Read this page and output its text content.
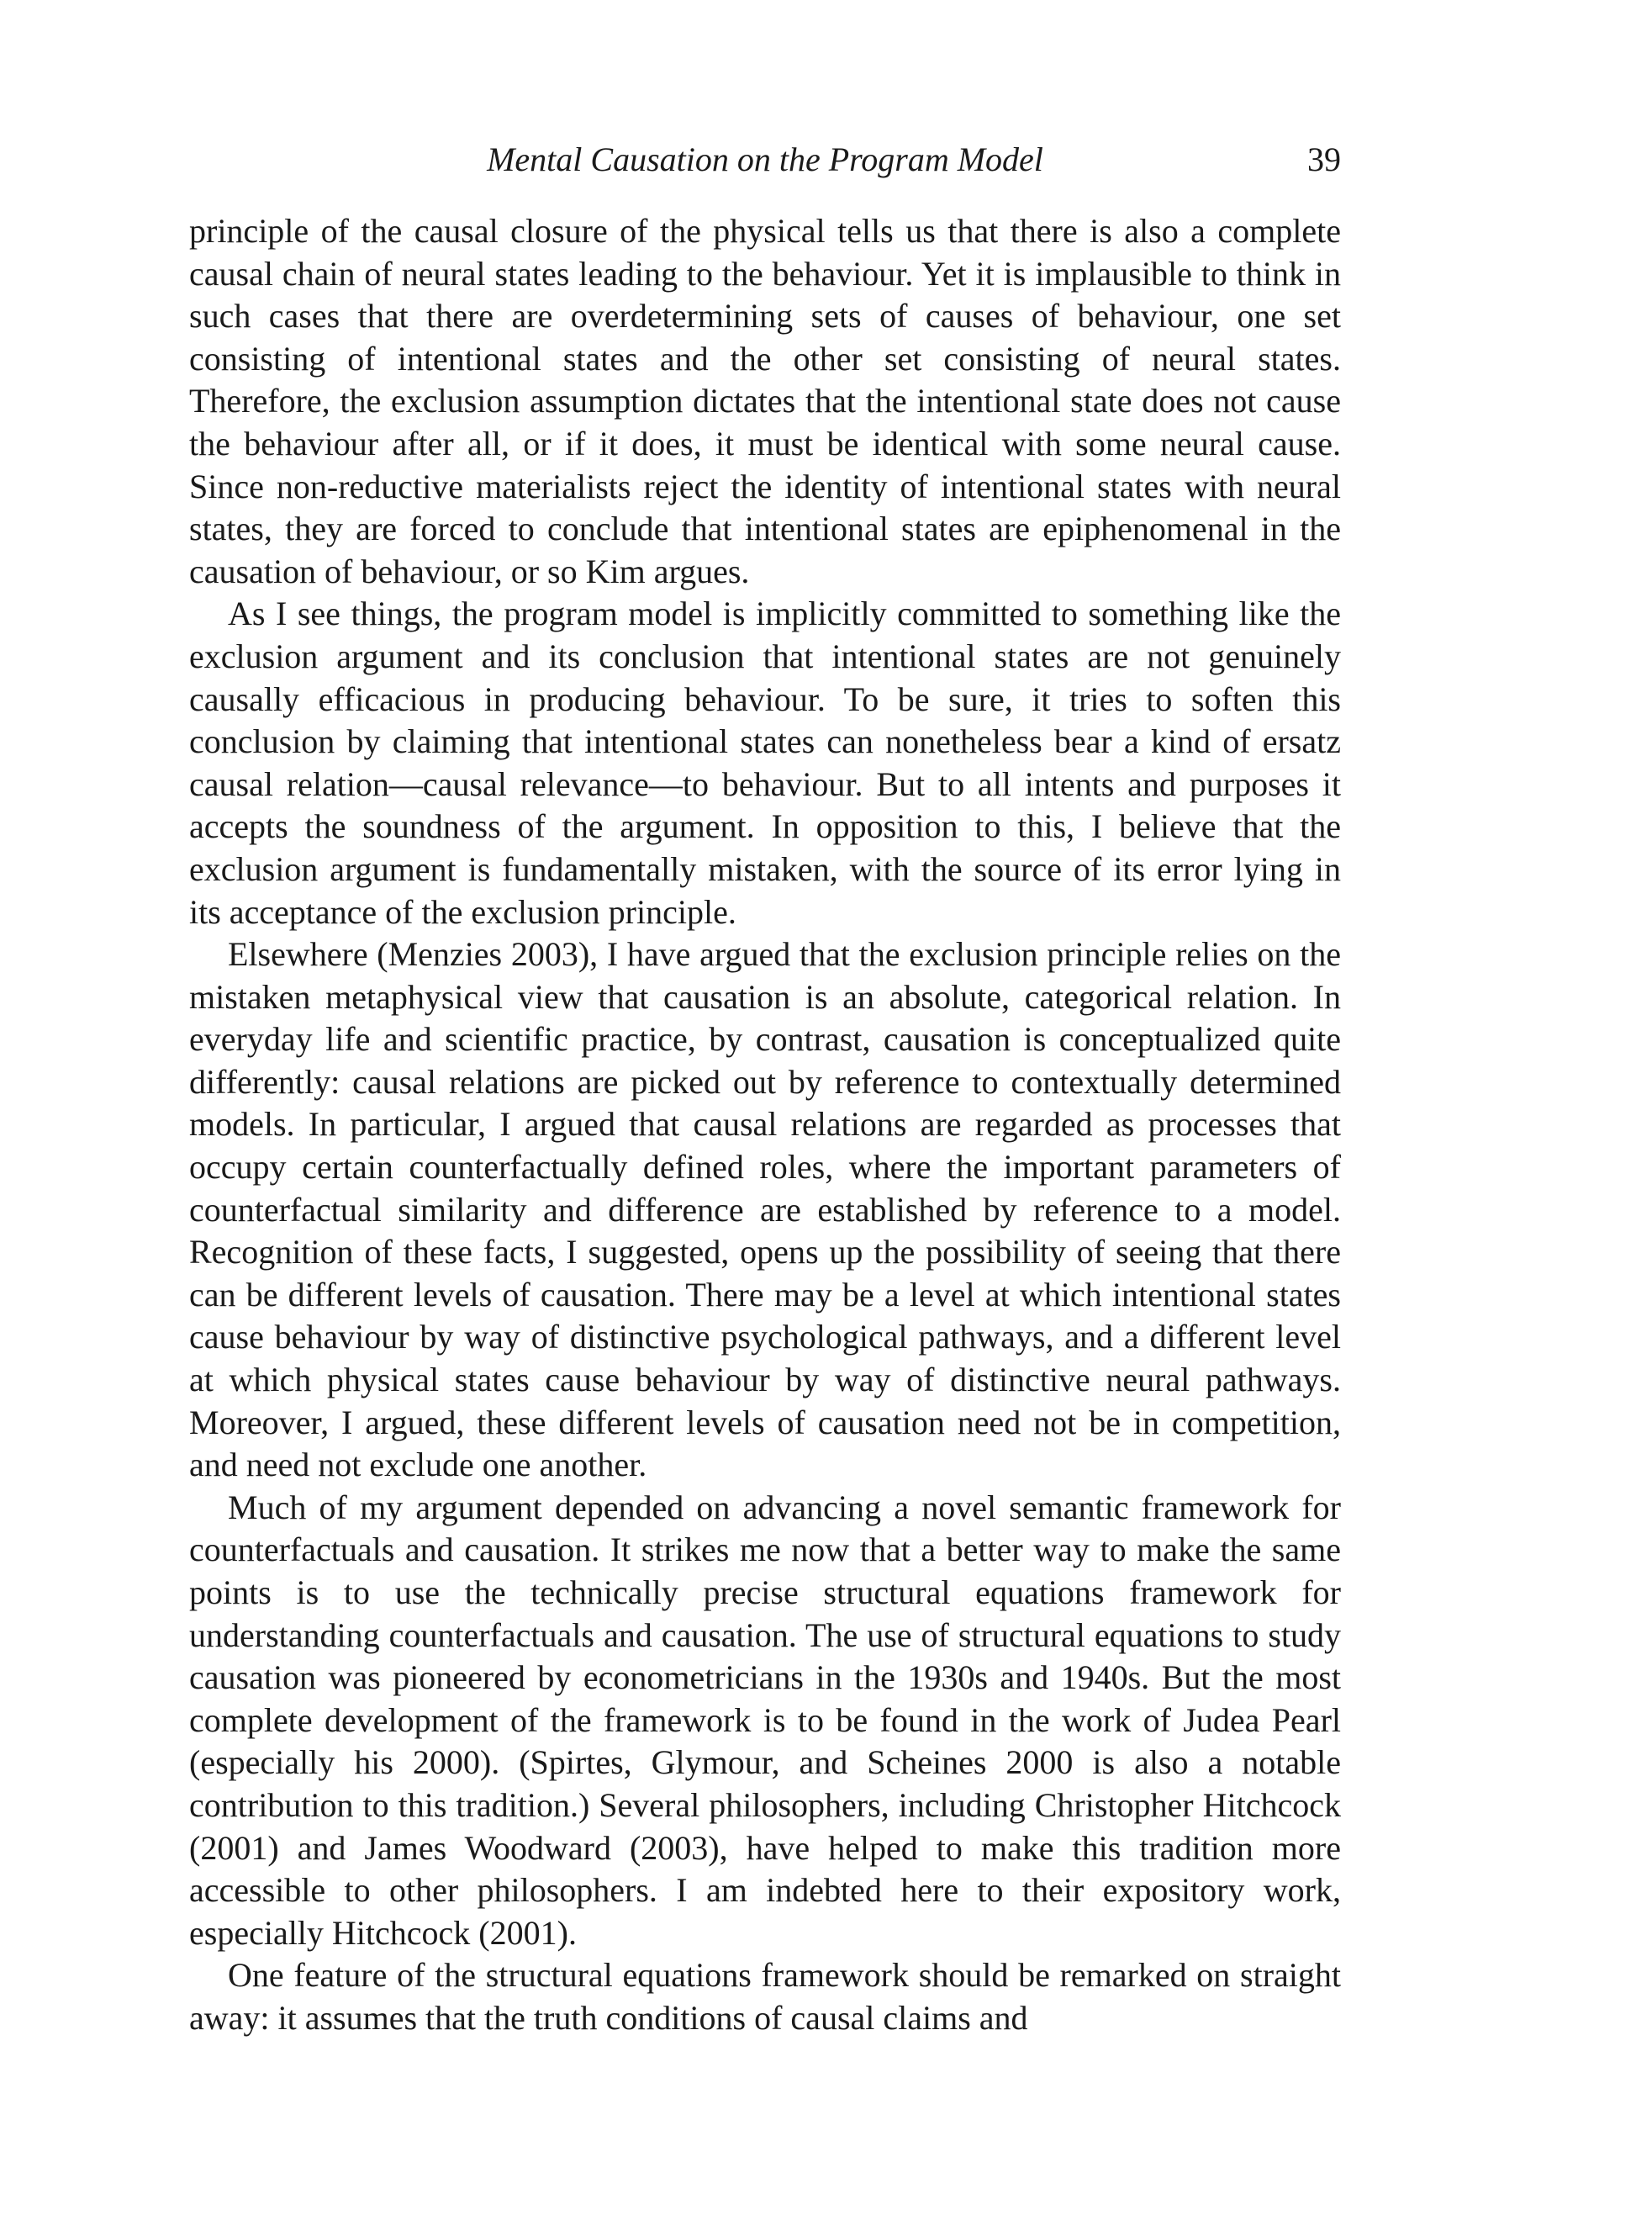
Mental Causation on the Program Model	39

principle of the causal closure of the physical tells us that there is also a complete causal chain of neural states leading to the behaviour. Yet it is implausible to think in such cases that there are overdetermining sets of causes of behaviour, one set consisting of intentional states and the other set consisting of neural states. Therefore, the exclusion assumption dictates that the intentional state does not cause the behaviour after all, or if it does, it must be identical with some neural cause. Since non-reductive materialists reject the identity of intentional states with neural states, they are forced to conclude that intentional states are epiphenomenal in the causation of behaviour, or so Kim argues.

As I see things, the program model is implicitly committed to something like the exclusion argument and its conclusion that intentional states are not genuinely causally efficacious in producing behaviour. To be sure, it tries to soften this conclusion by claiming that intentional states can nonetheless bear a kind of ersatz causal relation—causal relevance—to behaviour. But to all intents and purposes it accepts the soundness of the argument. In opposition to this, I believe that the exclusion argument is fundamentally mistaken, with the source of its error lying in its acceptance of the exclusion principle.

Elsewhere (Menzies 2003), I have argued that the exclusion principle relies on the mistaken metaphysical view that causation is an absolute, categorical relation. In everyday life and scientific practice, by contrast, causation is conceptualized quite differently: causal relations are picked out by reference to contextually determined models. In particular, I argued that causal relations are regarded as processes that occupy certain counterfactually defined roles, where the important parameters of counterfactual similarity and difference are established by reference to a model. Recognition of these facts, I suggested, opens up the possibility of seeing that there can be different levels of causation. There may be a level at which intentional states cause behaviour by way of distinctive psychological pathways, and a different level at which physical states cause behaviour by way of distinctive neural pathways. Moreover, I argued, these different levels of causation need not be in competition, and need not exclude one another.

Much of my argument depended on advancing a novel semantic framework for counterfactuals and causation. It strikes me now that a better way to make the same points is to use the technically precise structural equations framework for understanding counterfactuals and causation. The use of structural equations to study causation was pioneered by econometricians in the 1930s and 1940s. But the most complete development of the framework is to be found in the work of Judea Pearl (especially his 2000). (Spirtes, Glymour, and Scheines 2000 is also a notable contribution to this tradition.) Several philosophers, including Christopher Hitchcock (2001) and James Woodward (2003), have helped to make this tradition more accessible to other philosophers. I am indebted here to their expository work, especially Hitchcock (2001).

One feature of the structural equations framework should be remarked on straight away: it assumes that the truth conditions of causal claims and
